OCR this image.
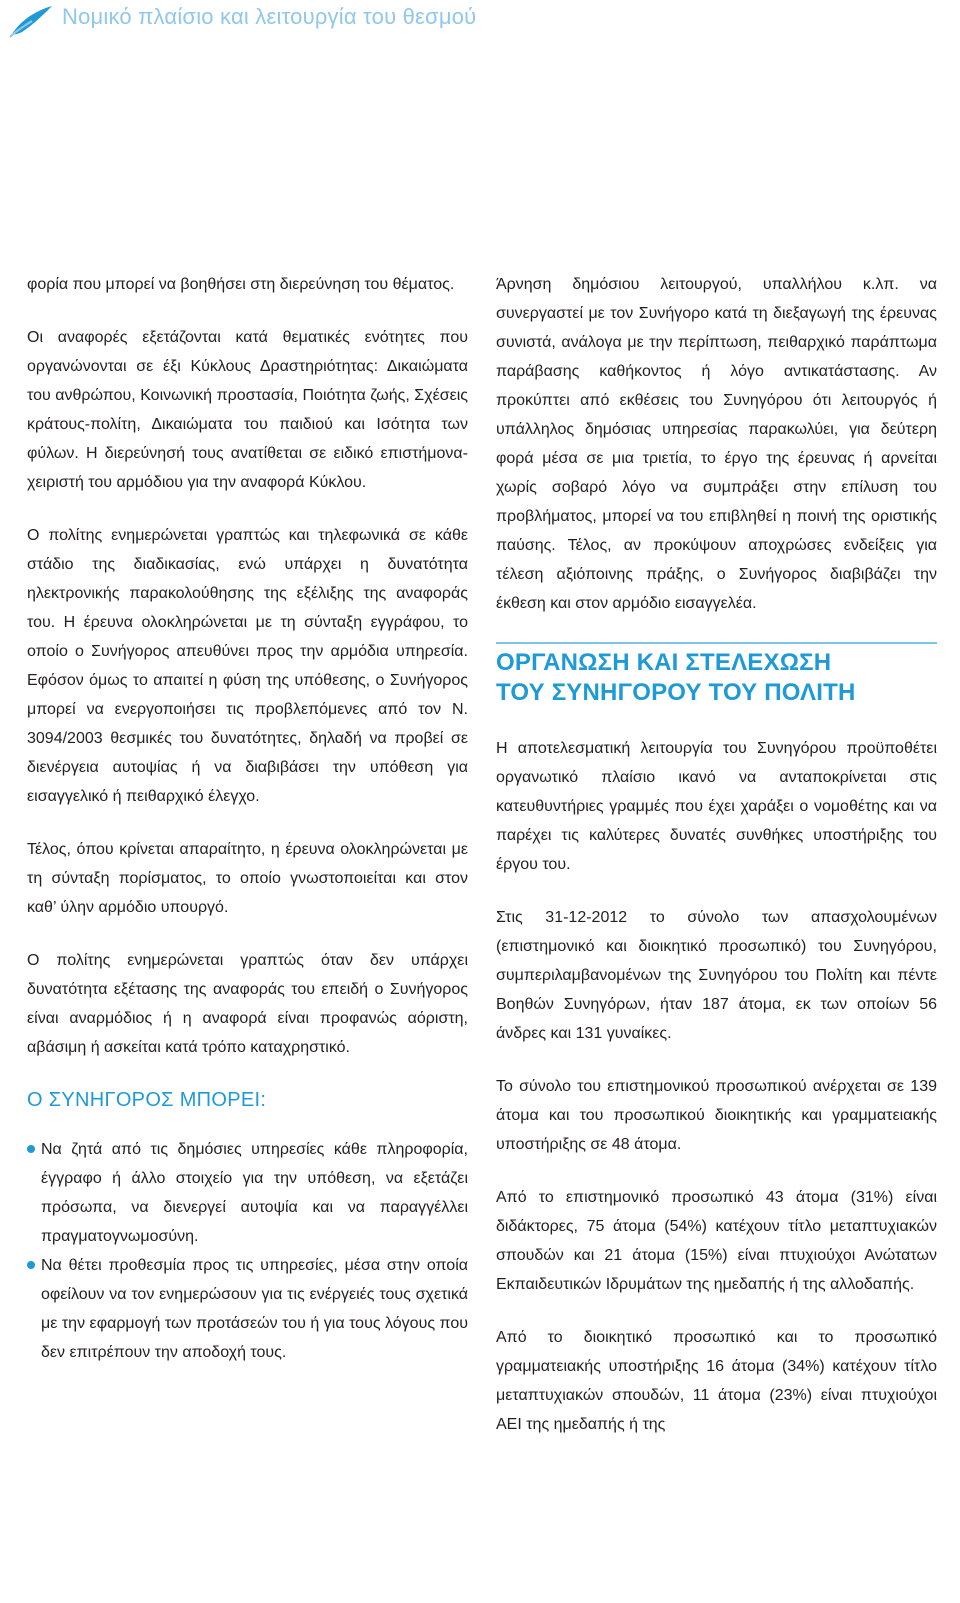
Νομικό πλαίσιο και λειτουργία του θεσμού

φορία που μπορεί να βοηθήσει στη διερεύνηση του θέματος.

Οι αναφορές εξετάζονται κατά θεματικές ενότητες που οργανώνονται σε έξι Κύκλους Δραστηριότητας: Δικαιώματα του ανθρώπου, Κοινωνική προστασία, Ποιότητα ζωής, Σχέσεις κράτους-πολίτη, Δικαιώματα του παιδιού και Ισότητα των φύλων. Η διερεύνησή τους ανατίθεται σε ειδικό επιστήμονα-χειριστή του αρμόδιου για την αναφορά Κύκλου.

Ο πολίτης ενημερώνεται γραπτώς και τηλεφωνικά σε κάθε στάδιο της διαδικασίας, ενώ υπάρχει η δυνατότητα ηλεκτρονικής παρακολούθησης της εξέλιξης της αναφοράς του. Η έρευνα ολοκληρώνεται με τη σύνταξη εγγράφου, το οποίο ο Συνήγορος απευθύνει προς την αρμόδια υπηρεσία. Εφόσον όμως το απαιτεί η φύση της υπόθεσης, ο Συνήγορος μπορεί να ενεργοποιήσει τις προβλεπόμενες από τον Ν. 3094/2003 θεσμικές του δυνατότητες, δηλαδή να προβεί σε διενέργεια αυτοψίας ή να διαβιβάσει την υπόθεση για εισαγγελικό ή πειθαρχικό έλεγχο.

Τέλος, όπου κρίνεται απαραίτητο, η έρευνα ολοκληρώνεται με τη σύνταξη πορίσματος, το οποίο γνωστοποιείται και στον καθ’ ύλην αρμόδιο υπουργό.

Ο πολίτης ενημερώνεται γραπτώς όταν δεν υπάρχει δυνατότητα εξέτασης της αναφοράς του επειδή ο Συνήγορος είναι αναρμόδιος ή η αναφορά είναι προφανώς αόριστη, αβάσιμη ή ασκείται κατά τρόπο καταχρηστικό.

Ο ΣΥΝΗΓΟΡΟΣ ΜΠΟΡΕΙ:
Να ζητά από τις δημόσιες υπηρεσίες κάθε πληροφορία, έγγραφο ή άλλο στοιχείο για την υπόθεση, να εξετάζει πρόσωπα, να διενεργεί αυτοψία και να παραγγέλλει πραγματογνωμοσύνη.
Να θέτει προθεσμία προς τις υπηρεσίες, μέσα στην οποία οφείλουν να τον ενημερώσουν για τις ενέργειές τους σχετικά με την εφαρμογή των προτάσεών του ή για τους λόγους που δεν επιτρέπουν την αποδοχή τους.

Άρνηση δημόσιου λειτουργού, υπαλλήλου κ.λπ. να συνεργαστεί με τον Συνήγορο κατά τη διεξαγωγή της έρευνας συνιστά, ανάλογα με την περίπτωση, πειθαρχικό παράπτωμα παράβασης καθήκοντος ή λόγο αντικατάστασης. Αν προκύπτει από εκθέσεις του Συνηγόρου ότι λειτουργός ή υπάλληλος δημόσιας υπηρεσίας παρακωλύει, για δεύτερη φορά μέσα σε μια τριετία, το έργο της έρευνας ή αρνείται χωρίς σοβαρό λόγο να συμπράξει στην επίλυση του προβλήματος, μπορεί να του επιβληθεί η ποινή της οριστικής παύσης. Τέλος, αν προκύψουν αποχρώσες ενδείξεις για τέλεση αξιόποινης πράξης, ο Συνήγορος διαβιβάζει την έκθεση και στον αρμόδιο εισαγγελέα.

ΟΡΓΑΝΩΣΗ ΚΑΙ ΣΤΕΛΕΧΩΣΗ
ΤΟΥ ΣΥΝΗΓΟΡΟΥ ΤΟΥ ΠΟΛΙΤΗ

Η αποτελεσματική λειτουργία του Συνηγόρου προϋποθέτει οργανωτικό πλαίσιο ικανό να ανταποκρίνεται στις κατευθυντήριες γραμμές που έχει χαράξει ο νομοθέτης και να παρέχει τις καλύτερες δυνατές συνθήκες υποστήριξης του έργου του.

Στις 31-12-2012 το σύνολο των απασχολουμένων (επιστημονικό και διοικητικό προσωπικό) του Συνηγόρου, συμπεριλαμβανομένων της Συνηγόρου του Πολίτη και πέντε Βοηθών Συνηγόρων, ήταν 187 άτομα, εκ των οποίων 56 άνδρες και 131 γυναίκες.

Το σύνολο του επιστημονικού προσωπικού ανέρχεται σε 139 άτομα και του προσωπικού διοικητικής και γραμματειακής υποστήριξης σε 48 άτομα.

Από το επιστημονικό προσωπικό 43 άτομα (31%) είναι διδάκτορες, 75 άτομα (54%) κατέχουν τίτλο μεταπτυχιακών σπουδών και 21 άτομα (15%) είναι πτυχιούχοι Ανώτατων Εκπαιδευτικών Ιδρυμάτων της ημεδαπής ή της αλλοδαπής.

Από το διοικητικό προσωπικό και το προσωπικό γραμματειακής υποστήριξης 16 άτομα (34%) κατέχουν τίτλο μεταπτυχιακών σπουδών, 11 άτομα (23%) είναι πτυχιούχοι ΑΕΙ της ημεδαπής ή της
